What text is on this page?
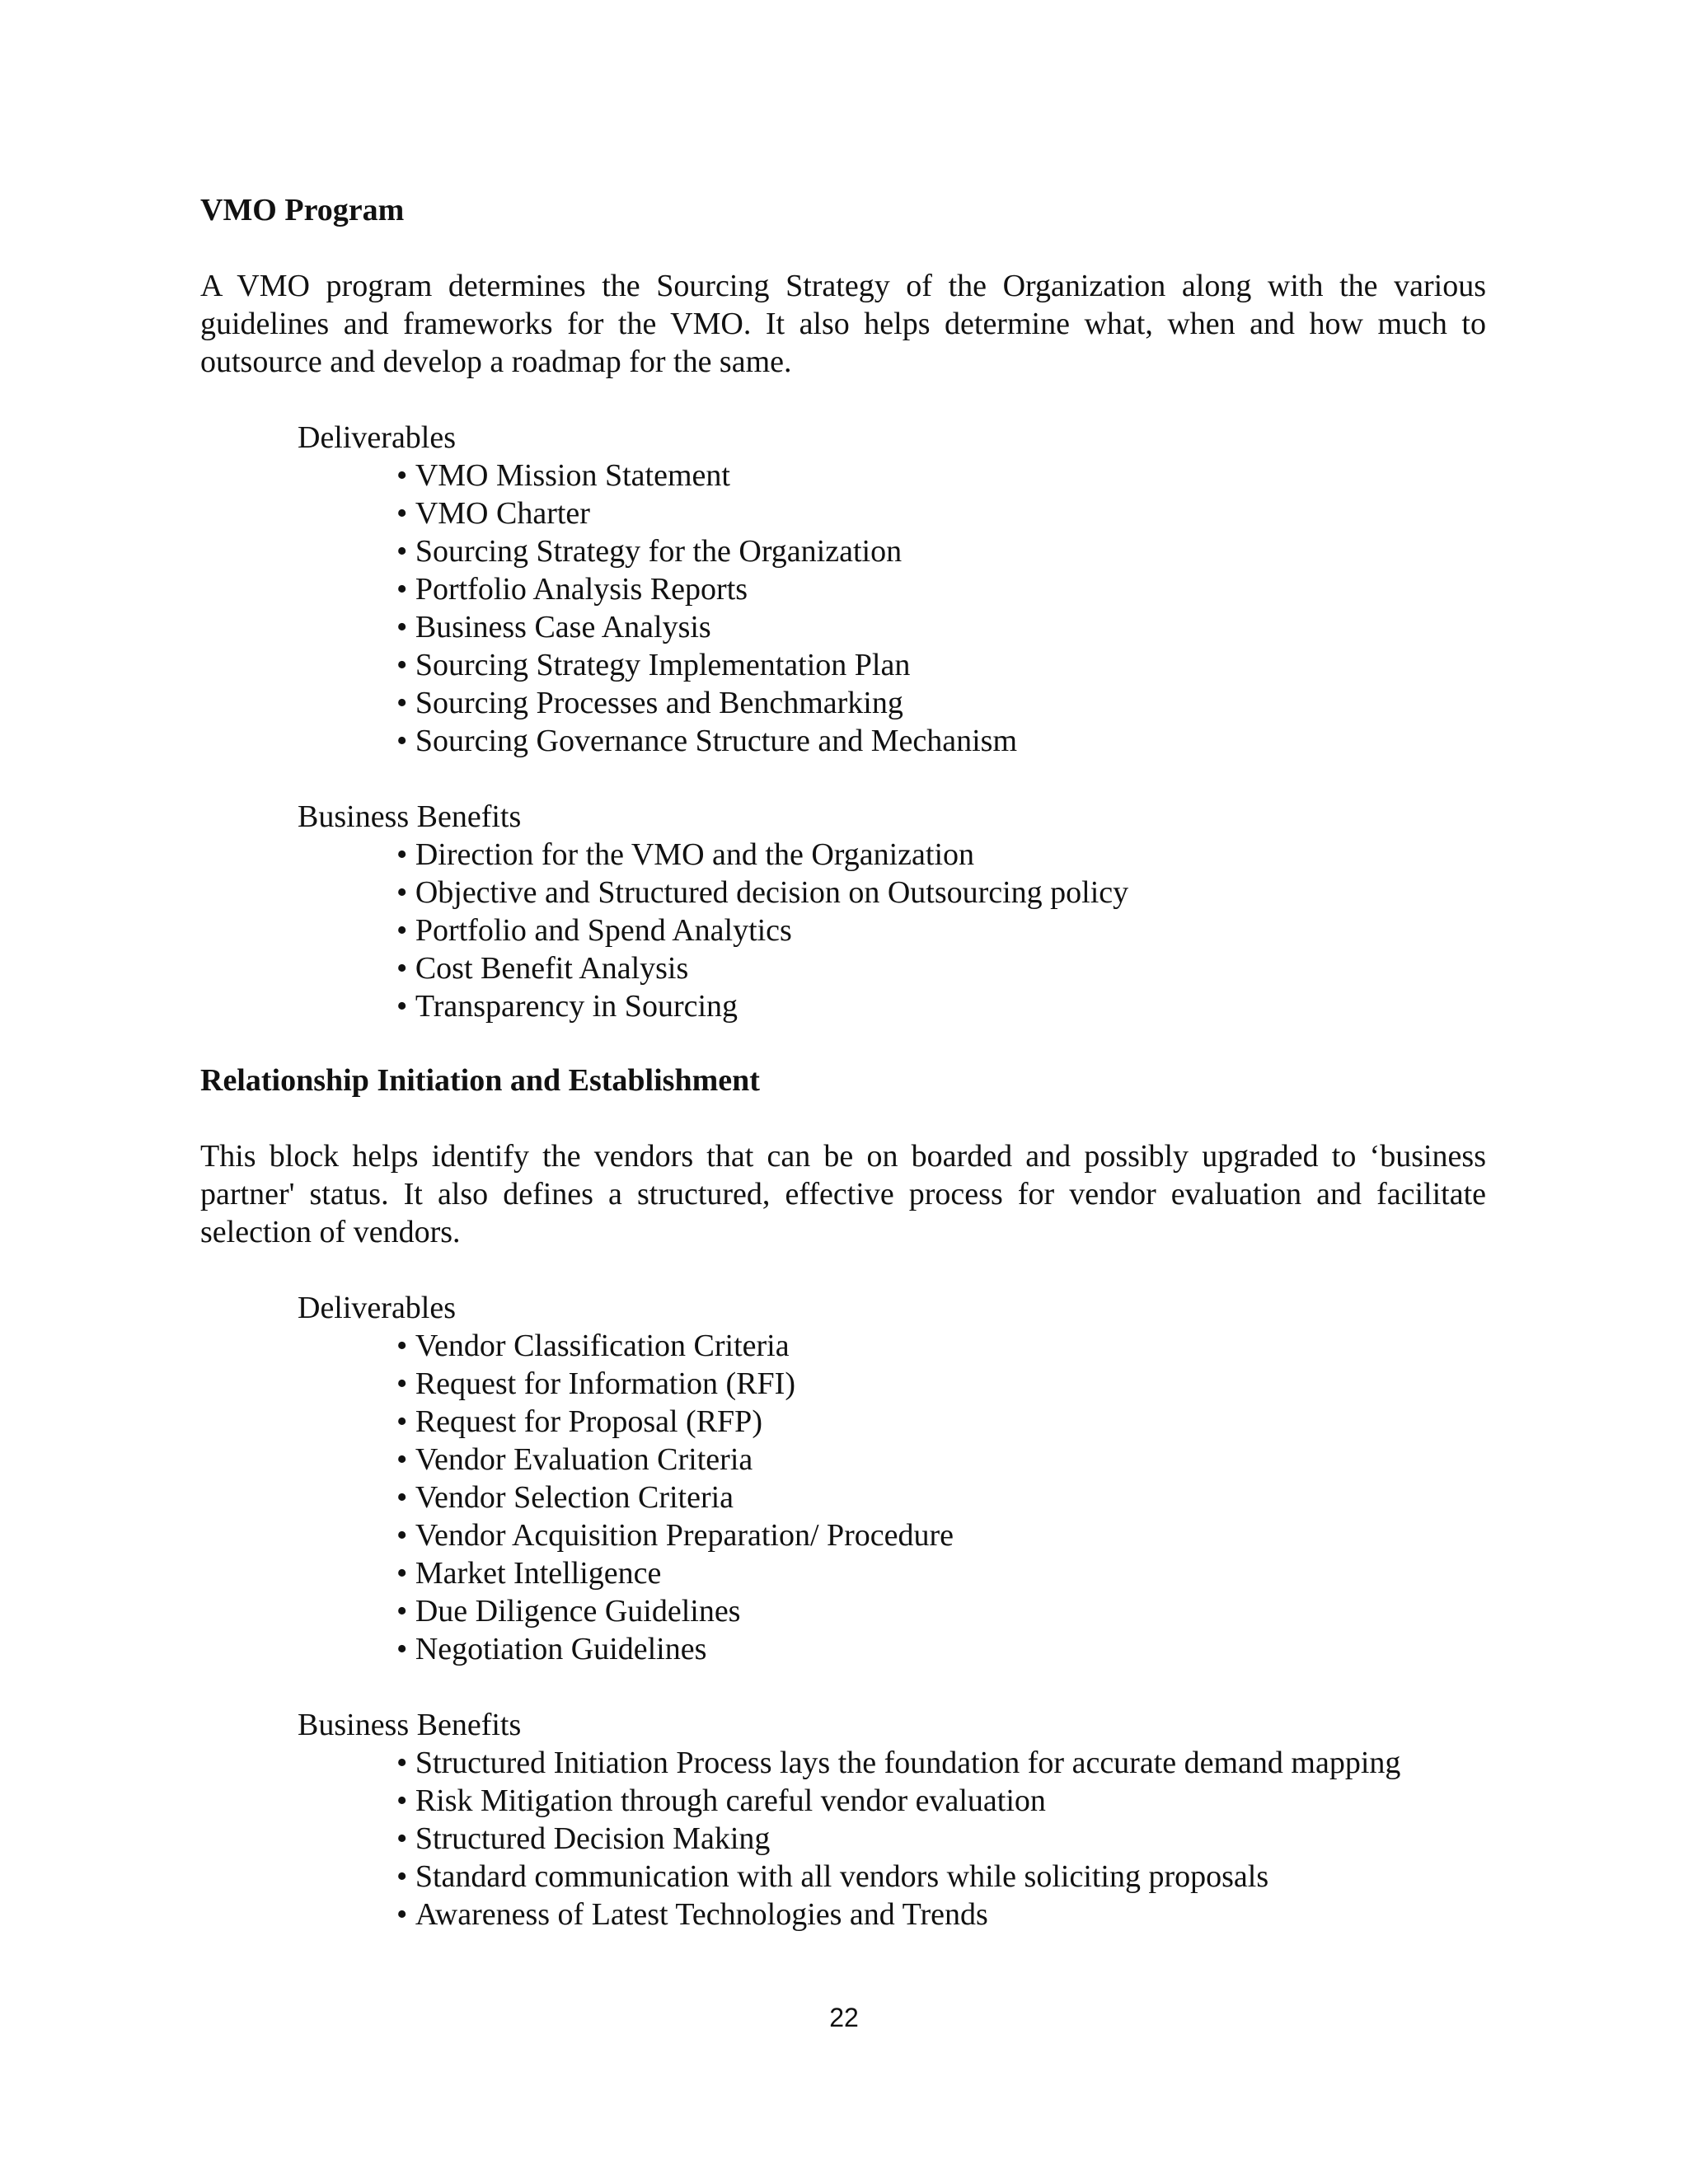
VMO Program

A VMO program determines the Sourcing Strategy of the Organization along with the various guidelines and frameworks for the VMO. It also helps determine what, when and how much to outsource and develop a roadmap for the same.

Deliverables

• VMO Mission Statement
• VMO Charter
• Sourcing Strategy for the Organization
• Portfolio Analysis Reports
• Business Case Analysis
• Sourcing Strategy Implementation Plan
• Sourcing Processes and Benchmarking
• Sourcing Governance Structure and Mechanism

Business Benefits

• Direction for the VMO and the Organization
• Objective and Structured decision on Outsourcing policy
• Portfolio and Spend Analytics
• Cost Benefit Analysis
• Transparency in Sourcing

Relationship Initiation and Establishment

This block helps identify the vendors that can be on boarded and possibly upgraded to ‘business partner' status. It also defines a structured, effective process for vendor evaluation and facilitate selection of vendors.

Deliverables

• Vendor Classification Criteria
• Request for Information (RFI)
• Request for Proposal (RFP)
• Vendor Evaluation Criteria
• Vendor Selection Criteria
• Vendor Acquisition Preparation/ Procedure
• Market Intelligence
• Due Diligence Guidelines
• Negotiation Guidelines

Business Benefits

• Structured Initiation Process lays the foundation for accurate demand mapping
• Risk Mitigation through careful vendor evaluation
• Structured Decision Making
• Standard communication with all vendors while soliciting proposals
• Awareness of Latest Technologies and Trends
22
